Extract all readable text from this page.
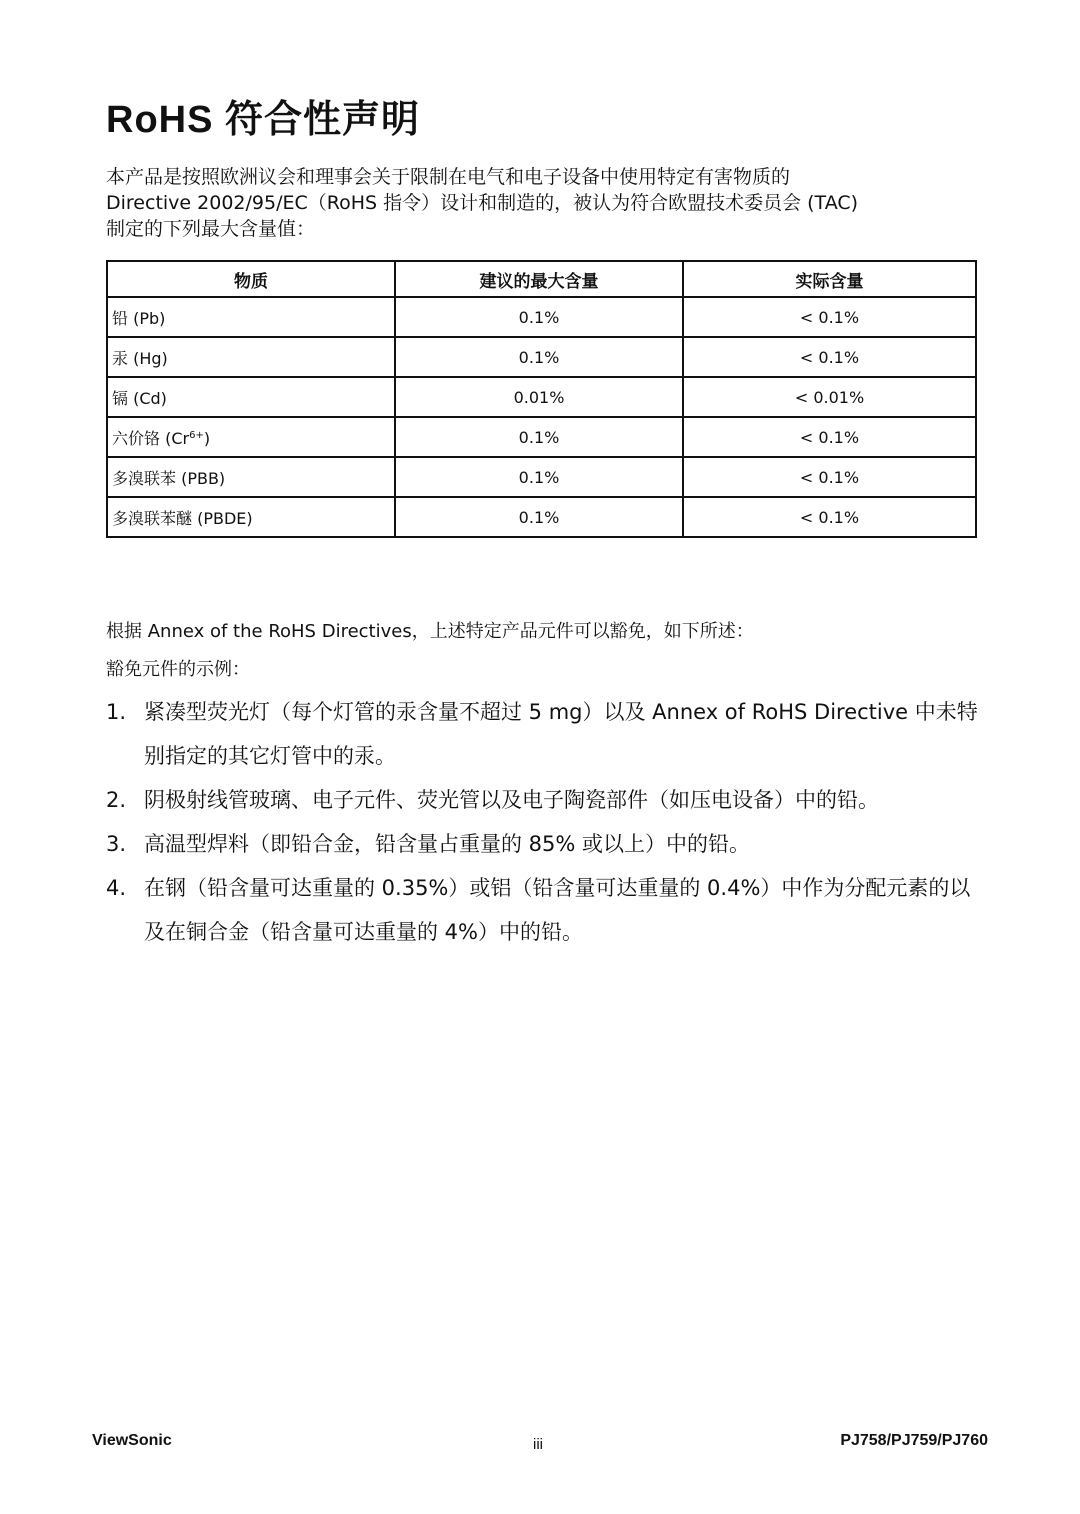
RoHS 符合性声明

本产品是按照欧洲议会和理事会关于限制在电气和电子设备中使用特定有害物质的

Directive 2002/95/EC（RoHS 指令）设计和制造的，被认为符合欧盟技术委员会 (TAC)

制定的下列最大含量值：

物质	建议的最大含量	实际含量
铅 (Pb)	0.1%	< 0.1%
汞 (Hg)	0.1%	< 0.1%
镉 (Cd)	0.01%	< 0.01%
六价铬 $(Cr^{6+})$	0.1%	< 0.1%
多溴联苯 (PBB)	0.1%	< 0.1%
多溴联苯醚 (PBDE)	0.1%	< 0.1%

根据 Annex of the RoHS Directives，上述特定产品元件可以豁免，如下所述：

豁免元件的示例：

1. 紧凑型荧光灯（每个灯管的汞含量不超过 5 mg）以及 Annex of RoHS Directive 中未特别指定的其它灯管中的汞。
2. 阴极射线管玻璃、电子元件、荧光管以及电子陶瓷部件（如压电设备）中的铅。
3. 高温型焊料（即铅合金，铅含量占重量的 85% 或以上）中的铅。
4. 在钢（铅含量可达重量的 0.35%）或铝（铅含量可达重量的 0.4%）中作为分配元素的以及在铜合金（铅含量可达重量的 4%）中的铅。
ViewSonic	iii	PJ758/PJ759/PJ760
